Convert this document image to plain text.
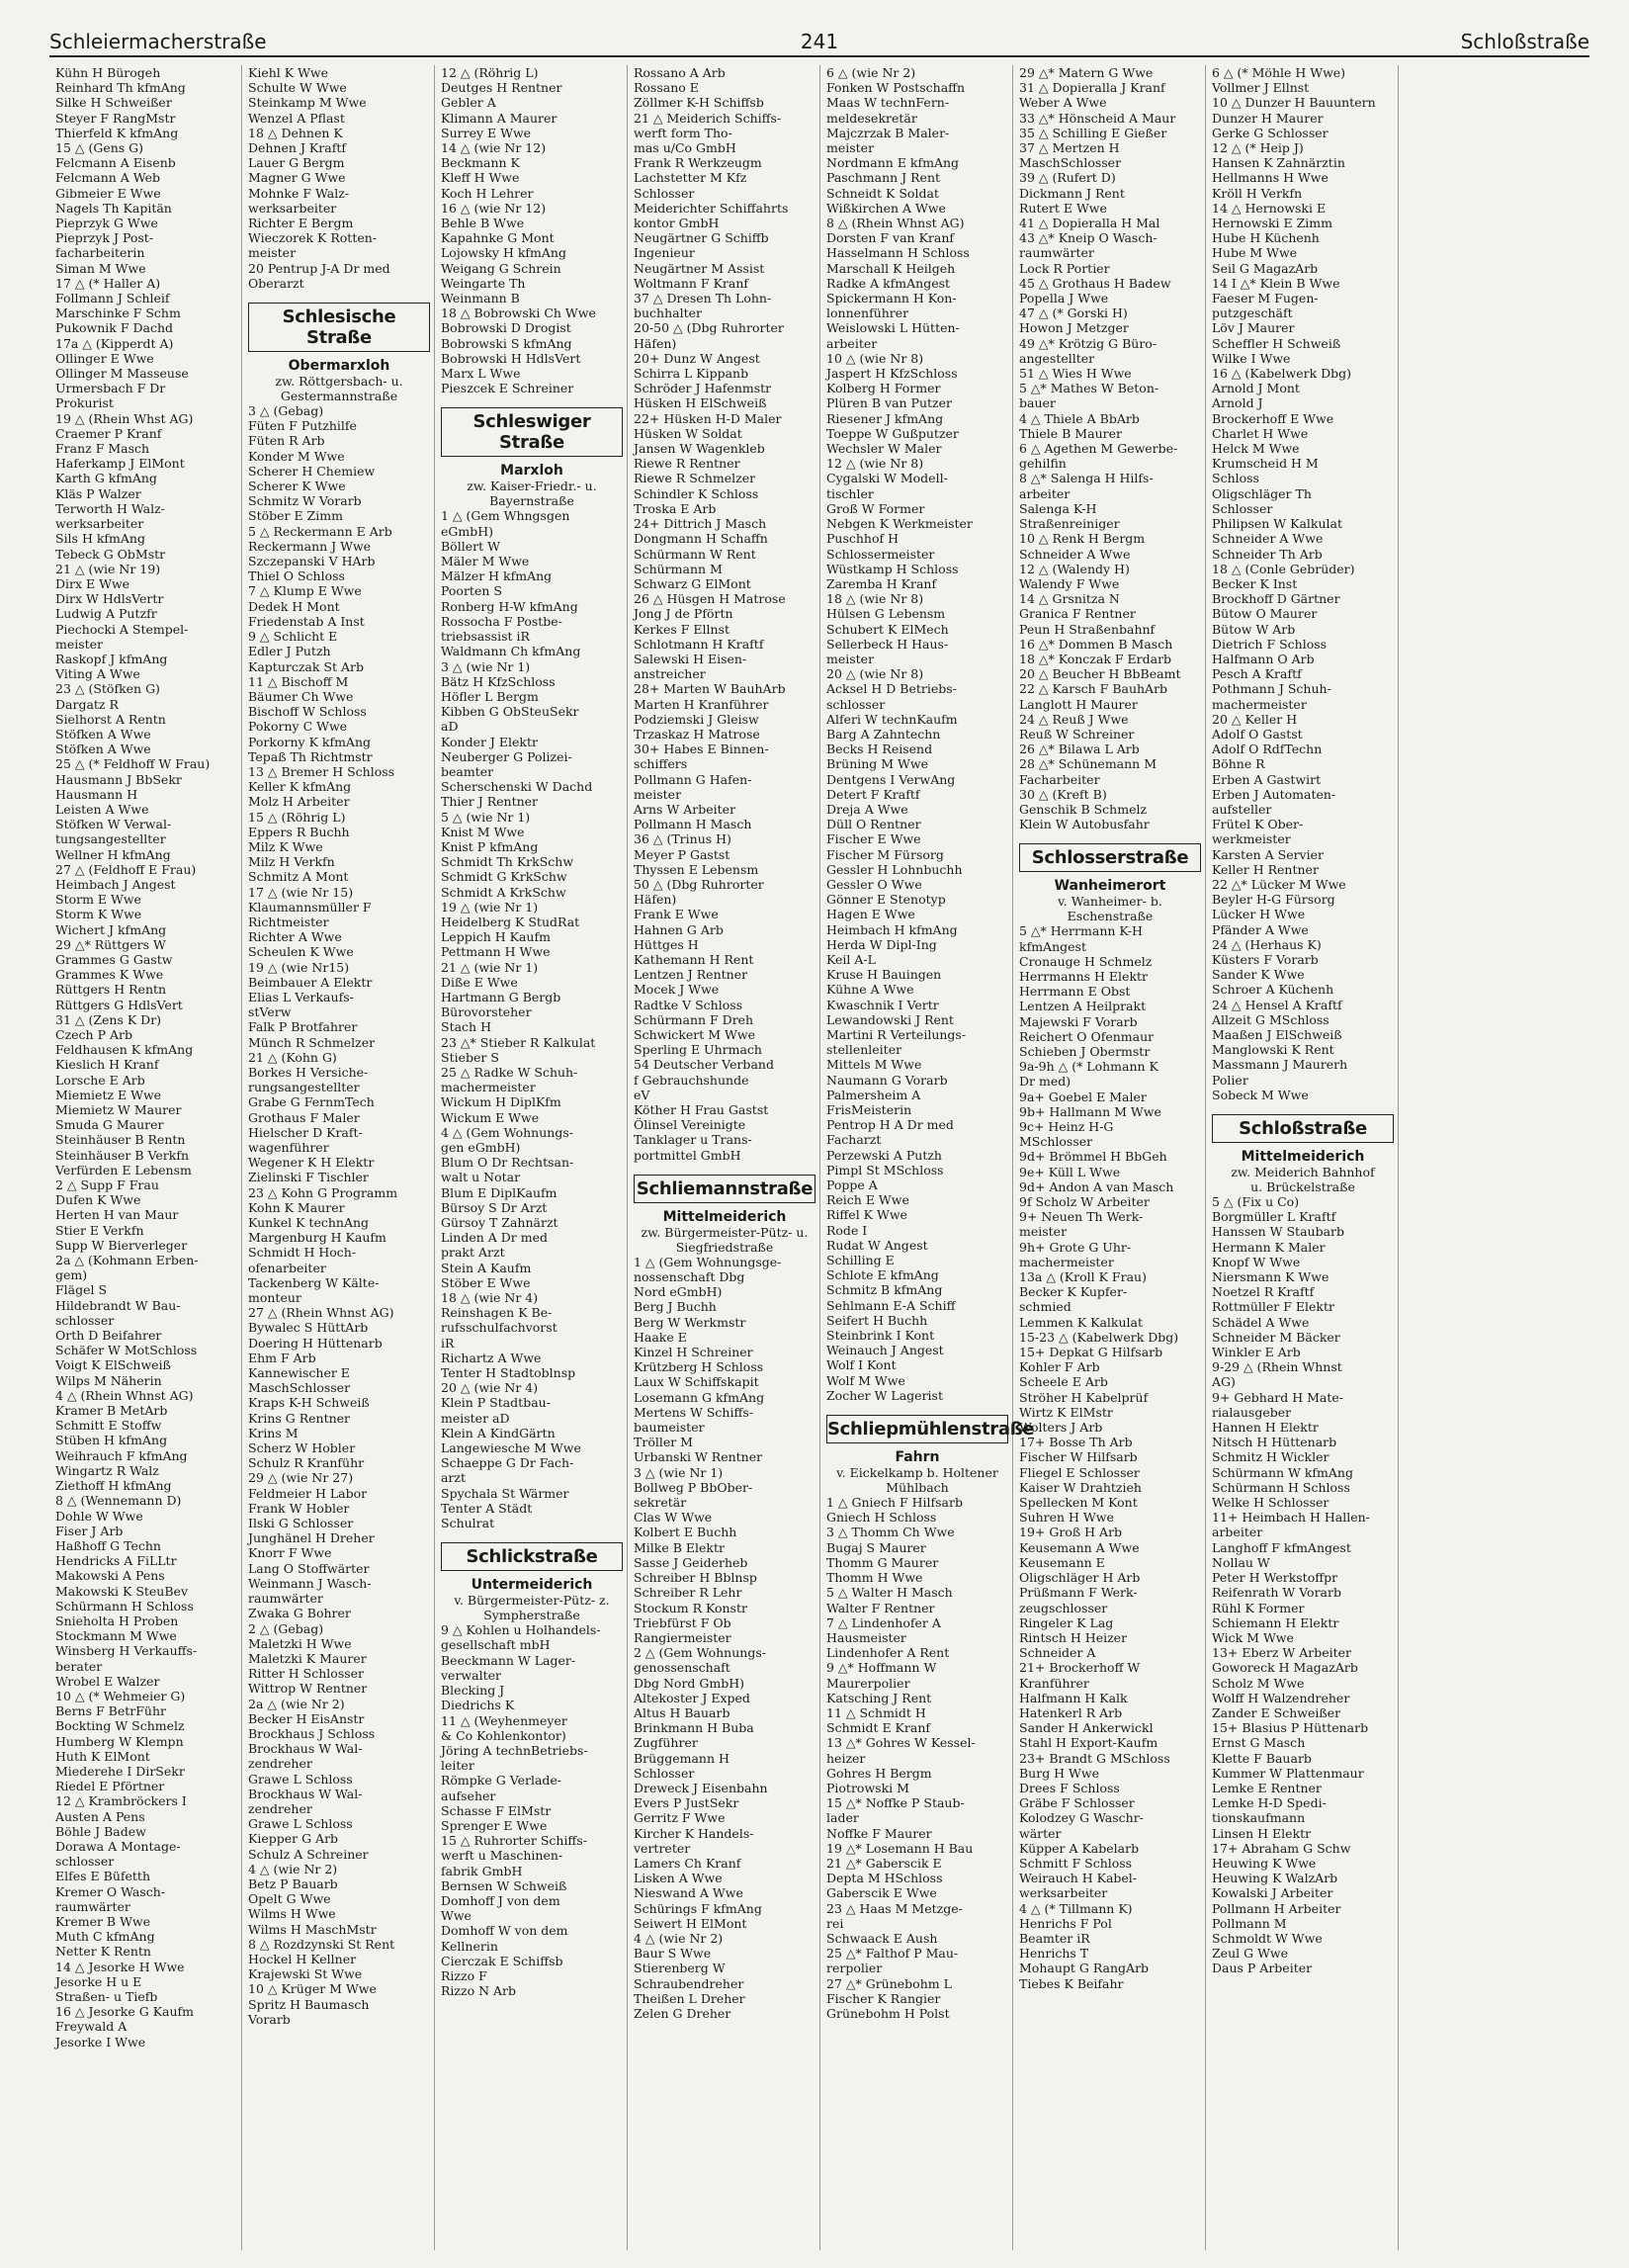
Schleiermacherstraße	241	Schloßstraße
Kühn H Bürogeh
Reinhard Th kfmAng
Silke H Schweißer
Steyer F RangMstr
Thierfeld K kfmAng
15 △ (Gens G)
Felcmann A Eisenb
Felcmann A Web
Gibmeier E Wwe
Nagels Th Kapitän
Pieprzyk G Wwe
Pieprzyk J Post-
facharbeiterin
Siman M Wwe
17 △ (* Haller A)
Follmann J Schleif
Marschinke F Schm
Pukownik F Dachd
17a △ (Kipperdt A)
Ollinger E Wwe
Ollinger M Masseuse
Urmersbach F Dr
Prokurist
19 △ (Rhein Whst AG)
Craemer P Kranf
Franz F Masch
Haferkamp J ElMont
Karth G kfmAng
Kläs P Walzer
Terworth H Walz-
werksarbeiter
Sils H kfmAng
Tebeck G ObMstr
21 △ (wie Nr 19)
Dirx E Wwe
Dirx W HdlsVertr
Ludwig A Putzfr
Piechocki A Stempel-
meister
Raskopf J kfmAng
Viting A Wwe
23 △ (Stöfken G)
Dargatz R
Sielhorst A Rentn
Stöfken A Wwe
Stöfken A Wwe
25 △ (* Feldhoff W Frau)
Hausmann J BbSekr
Hausmann H
Leisten A Wwe
Stöfken W Verwal-
tungsangestellter
Wellner H kfmAng
27 △ (Feldhoff E Frau)
Heimbach J Angest
Storm E Wwe
Storm K Wwe
Wichert J kfmAng
29 △* Rüttgers W
Grammes G Gastw
Grammes K Wwe
Rüttgers H Rentn
Rüttgers G HdlsVert
31 △ (Zens K Dr)
Czech P Arb
Feldhausen K kfmAng
Kieslich H Kranf
Lorsche E Arb
Miemietz E Wwe
Miemietz W Maurer
Smuda G Maurer
Steinhäuser B Rentn
Steinhäuser B Verkfn
Verfürden E Lebensm
2 △ Supp F Frau
Dufen K Wwe
Herten H van Maur
Stier E Verkfn
Supp W Bierverleger
2a △ (Kohmann Erben-
gem)
Flägel S
Hildebrandt W Bau-
schlosser
Orth D Beifahrer
Schäfer W MotSchloss
Voigt K ElSchweiß
Wilps M Näherin
4 △ (Rhein Whnst AG)
Kramer B MetArb
Schmitt E Stoffw
Stüben H kfmAng
Weihrauch F kfmAng
Wingartz R Walz
Ziethoff H kfmAng
8 △ (Wennemann D)
Dohle W Wwe
Fiser J Arb
Haßhoff G Techn
Hendricks A FiLLtr
Makowski A Pens
Makowski K SteuBev
Schürmann H Schloss
Snieholta H Proben
Stockmann M Wwe
Winsberg H Verkauffs-
berater
Wrobel E Walzer
10 △ (* Wehmeier G)
Berns F BetrFühr
Bockting W Schmelz
Humberg W Klempn
Huth K ElMont
Miederehe I DirSekr
Riedel E Pförtner
12 △ Krambröckers I
Austen A Pens
Böhle J Badew
Dorawa A Montage-
schlosser
Elfes E Büfetth
Kremer O Wasch-
raumwärter
Kremer B Wwe
Muth C kfmAng
Netter K Rentn
14 △ Jesorke H Wwe
Jesorke H u E
Straßen- u Tiefb
16 △ Jesorke G Kaufm
Freywald A
Jesorke I Wwe
Kiehl K Wwe
Schulte W Wwe
Steinkamp M Wwe
Wenzel A Pflast
18 △ Dehnen K
Dehnen J Kraftf
Lauer G Bergm
Magner G Wwe
Mohnke F Walz-
werksarbeiter
Richter E Bergm
Wieczorek K Rotten-
meister
20 Pentrup J-A Dr med
Oberarzt
Schlesische Straße
Obermarxloh
zw. Röttgersbach- u.
Gestermannstraße
3 △ (Gebag)
Füten F Putzhilfe
Füten R Arb
Konder M Wwe
Scherer H Chemiew
Scherer K Wwe
Schmitz W Vorarb
Stöber E Zimm
5 △ Reckermann E Arb
Reckermann J Wwe
Szczepanski V HArb
Thiel O Schloss
7 △ Klump E Wwe
Dedek H Mont
Friedenstab A Inst
9 △ Schlicht E
Edler J Putzh
Kapturczak St Arb
11 △ Bischoff M
Bäumer Ch Wwe
Bischoff W Schloss
Pokorny C Wwe
Porkorny K kfmAng
Tepaß Th Richtmstr
13 △ Bremer H Schloss
Keller K kfmAng
Molz H Arbeiter
15 △ (Röhrig L)
Eppers R Buchh
Milz K Wwe
Milz H Verkfn
Schmitz A Mont
17 △ (wie Nr 15)
Klaumannsmüller F
Richtmeister
Richter A Wwe
Scheulen K Wwe
19 △ (wie Nr15)
Beimbauer A Elektr
Elias L Verkaufs-
stVerw
Falk P Brotfahrer
Münch R Schmelzer
21 △ (Kohn G)
Borkes H Versiche-
rungsangestellter
Grabe G FernmTech
Grothaus F Maler
Hielscher D Kraft-
wagenführer
Wegener K H Elektr
Zielinski F Tischler
23 △ Kohn G Programm
Kohn K Maurer
Kunkel K technAng
Margenburg H Kaufm
Schmidt H Hoch-
ofenarbeiter
Tackenberg W Kälte-
monteur
27 △ (Rhein Whnst AG)
Bywalec S HüttArb
Doering H Hüttenarb
Ehm F Arb
Kannewischer E
MaschSchlosser
Kraps K-H Schweiß
Krins G Rentner
Krins M
Scherz W Hobler
Schulz R Kranführ
29 △ (wie Nr 27)
Feldmeier H Labor
Frank W Hobler
Ilski G Schlosser
Junghänel H Dreher
Knorr F Wwe
Lang O Stoffwärter
Weinmann J Wasch-
raumwärter
Zwaka G Bohrer
2 △ (Gebag)
Maletzki H Wwe
Maletzki K Maurer
Ritter H Schlosser
Wittrop W Rentner
2a △ (wie Nr 2)
Becker H EisAnstr
Brockhaus J Schloss
Brockhaus W Wal-
zendreher
Grawe L Schloss
Brockhaus W Wal-
zendreher
Grawe L Schloss
Kiepper G Arb
Schulz A Schreiner
4 △ (wie Nr 2)
Betz P Bauarb
Opelt G Wwe
Wilms H Wwe
Wilms H MaschMstr
8 △ Rozdzynski St Rent
Hockel H Kellner
Krajewski St Wwe
10 △ Krüger M Wwe
Spritz H Baumasch
Vorarb
12 △ (Röhrig L)
Deutges H Rentner
Gebler A
Klimann A Maurer
Surrey E Wwe
14 △ (wie Nr 12)
Beckmann K
Kleff H Wwe
Koch H Lehrer
16 △ (wie Nr 12)
Behle B Wwe
Kapahnke G Mont
Lojowsky H kfmAng
Weigang G Schrein
Weingarte Th
Weinmann B
18 △ Bobrowski Ch Wwe
Bobrowski D Drogist
Bobrowski S kfmAng
Bobrowski H HdlsVert
Marx L Wwe
Pieszcek E Schreiner
Schleswiger Straße
Marxloh
zw. Kaiser-Friedr.- u.
Bayernstraße
1 △ (Gem Whngsgen
eGmbH)
Böllert W
Mäler M Wwe
Mälzer H kfmAng
Poorten S
Ronberg H-W kfmAng
Rossocha F Postbe-
triebsassist iR
Waldmann Ch kfmAng
3 △ (wie Nr 1)
Bätz H KfzSchloss
Höfler L Bergm
Kibben G ObSteuSekr
aD
Konder J Elektr
Neuberger G Polizei-
beamter
Scherschenski W Dachd
Thier J Rentner
5 △ (wie Nr 1)
Knist M Wwe
Knist P kfmAng
Schmidt Th KrkSchw
Schmidt G KrkSchw
Schmidt A KrkSchw
19 △ (wie Nr 1)
Heidelberg K StudRat
Leppich H Kaufm
Pettmann H Wwe
21 △ (wie Nr 1)
Diße E Wwe
Hartmann G Bergb
Bürovorsteher
Stach H
23 △* Stieber R Kalkulat
Stieber S
25 △ Radke W Schuh-
machermeister
Wickum H DiplKfm
Wickum E Wwe
4 △ (Gem Wohnungs-
gen eGmbH)
Blum O Dr Rechtsan-
walt u Notar
Blum E DiplKaufm
Bürsoy S Dr Arzt
Gürsoy T Zahnärzt
Linden A Dr med
prakt Arzt
Stein A Kaufm
Stöber E Wwe
18 △ (wie Nr 4)
Reinshagen K Be-
rufsschulfachvorst
iR
Richartz A Wwe
Tenter H Stadtoblnsp
20 △ (wie Nr 4)
Klein P Stadtbau-
meister aD
Klein A KindGärtn
Langewiesche M Wwe
Schaeppe G Dr Fach-
arzt
Spychala St Wärmer
Tenter A Städt
Schulrat
Schlickstraße
Untermeiderich
v. Bürgermeister-Pütz- z.
Sympherstraße
9 △ Kohlen u Holhandels-
gesellschaft mbH
Beeckmann W Lager-
verwalter
Blecking J
Diedrichs K
11 △ (Weyhenmeyer
& Co Kohlenkontor)
Jöring A technBetriebs-
leiter
Römpke G Verlade-
aufseher
Schasse F ElMstr
Sprenger E Wwe
15 △ Ruhrorter Schiffs-
werft u Maschinen-
fabrik GmbH
Bernsen W Schweiß
Domhoff J von dem
Wwe
Domhoff W von dem
Kellnerin
Cierczak E Schiffsb
Rizzo F
Rizzo N Arb
Rossano A Arb
Rossano E
Zöllmer K-H Schiffsb
21 △ Meiderich Schiffs-
werft form Tho-
mas u/Co GmbH
Frank R Werkzeugm
Lachstetter M Kfz
Schlosser
Meiderichter Schiffahrts
kontor GmbH
Neugärtner G Schiffb
Ingenieur
Neugärtner M Assist
Woltmann F Kranf
37 △ Dresen Th Lohn-
buchhalter
20-50 △ (Dbg Ruhrorter
Häfen)
20+ Dunz W Angest
Schirra L Kippanb
Schröder J Hafenmstr
Hüsken H ElSchweiß
22+ Hüsken H-D Maler
Hüsken W Soldat
Jansen W Wagenkleb
Riewe R Rentner
Riewe R Schmelzer
Schindler K Schloss
Troska E Arb
24+ Dittrich J Masch
Dongmann H Schaffn
Schürmann W Rent
Schürmann M
Schwarz G ElMont
26 △ Hüsgen H Matrose
Jong J de Pförtn
Kerkes F Ellnst
Schlotmann H Kraftf
Salewski H Eisen-
anstreicher
28+ Marten W BauhArb
Marten H Kranführer
Podziemski J Gleisw
Trzaskaz H Matrose
30+ Habes E Binnen-
schiffers
Pollmann G Hafen-
meister
Arns W Arbeiter
Pollmann H Masch
36 △ (Trinus H)
Meyer P Gastst
Thyssen E Lebensm
50 △ (Dbg Ruhrorter
Häfen)
Frank E Wwe
Hahnen G Arb
Hüttges H
Kathemann H Rent
Lentzen J Rentner
Mocek J Wwe
Radtke V Schloss
Schürmann F Dreh
Schwickert M Wwe
Sperling E Uhrmach
54 Deutscher Verband
f Gebrauchshunde
eV
Köther H Frau Gastst
Ölinsel Vereinigte
Tanklager u Trans-
portmittel GmbH
Schliemannstraße
Mittelmeiderich
zw. Bürgermeister-Pütz- u.
Siegfriedstraße
1 △ (Gem Wohnungsge-
nossenschaft Dbg
Nord eGmbH)
Berg J Buchh
Berg W Werkmstr
Haake E
Kinzel H Schreiner
Krützberg H Schloss
Laux W Schiffskapit
Losemann G kfmAng
Mertens W Schiffs-
baumeister
Tröller M
Urbanski W Rentner
3 △ (wie Nr 1)
Bollweg P BbOber-
sekretär
Clas W Wwe
Kolbert E Buchh
Milke B Elektr
Sasse J Geiderheb
Schreiber H Bblnsp
Schreiber R Lehr
Stockum R Konstr
Triebfürst F Ob
Rangiermeister
2 △ (Gem Wohnungs-
genossenschaft
Dbg Nord GmbH)
Altekoster J Exped
Altus H Bauarb
Brinkmann H Buba
Zugführer
Brüggemann H
Schlosser
Dreweck J Eisenbahn
Evers P JustSekr
Gerritz F Wwe
Kircher K Handels-
vertreter
Lamers Ch Kranf
Lisken A Wwe
Nieswand A Wwe
Schürings F kfmAng
Seiwert H ElMont
4 △ (wie Nr 2)
Baur S Wwe
Stierenberg W
Schraubendreher
Theißen L Dreher
Zelen G Dreher
6 △ (wie Nr 2)
Fonken W Postschaffn
Maas W technFern-
meldesekretär
Majczrzak B Maler-
meister
Nordmann E kfmAng
Paschmann J Rent
Schneidt K Soldat
Wißkirchen A Wwe
8 △ (Rhein Whnst AG)
Dorsten F van Kranf
Hasselmann H Schloss
Marschall K Heilgeh
Radke A kfmAngest
Spickermann H Kon-
lonnenführer
Weislowski L Hütten-
arbeiter
10 △ (wie Nr 8)
Jaspert H KfzSchloss
Kolberg H Former
Plüren B van Putzer
Riesener J kfmAng
Toeppe W Gußputzer
Wechsler W Maler
12 △ (wie Nr 8)
Cygalski W Modell-
tischler
Groß W Former
Nebgen K Werkmeister
Puschhof H
Schlossermeister
Wüstkamp H Schloss
Zaremba H Kranf
18 △ (wie Nr 8)
Hülsen G Lebensm
Schubert K ElMech
Sellerbeck H Haus-
meister
20 △ (wie Nr 8)
Acksel H D Betriebs-
schlosser
Alferi W technKaufm
Barg A Zahntechn
Becks H Reisend
Brüning M Wwe
Dentgens I VerwAng
Detert F Kraftf
Dreja A Wwe
Düll O Rentner
Fischer E Wwe
Fischer M Fürsorg
Gessler H Lohnbuchh
Gessler O Wwe
Gönner E Stenotyp
Hagen E Wwe
Heimbach H kfmAng
Herda W Dipl-Ing
Keil A-L
Kruse H Bauingen
Kühne A Wwe
Kwaschnik I Vertr
Lewandowski J Rent
Martini R Verteilungs-
stellenleiter
Mittels M Wwe
Naumann G Vorarb
Palmersheim A
FrisMeisterin
Pentrop H A Dr med
Facharzt
Perzewski A Putzh
Pimpl St MSchloss
Poppe A
Reich E Wwe
Riffel K Wwe
Rode I
Rudat W Angest
Schilling E
Schlote E kfmAng
Schmitz B kfmAng
Sehlmann E-A Schiff
Seifert H Buchh
Steinbrink I Kont
Weinauch J Angest
Wolf I Kont
Wolf M Wwe
Zocher W Lagerist
Schliepmühlenstraße
Fahrn
v. Eickelkamp b. Holtener
Mühlbach
1 △ Gniech F Hilfsarb
Gniech H Schloss
3 △ Thomm Ch Wwe
Bugaj S Maurer
Thomm G Maurer
Thomm H Wwe
5 △ Walter H Masch
Walter F Rentner
7 △ Lindenhofer A
Hausmeister
Lindenhofer A Rent
9 △* Hoffmann W
Maurerpolier
Katsching J Rent
11 △ Schmidt H
Schmidt E Kranf
13 △* Gohres W Kessel-
heizer
Gohres H Bergm
Piotrowski M
15 △* Noffke P Staub-
lader
Noffke F Maurer
19 △* Losemann H Bau
21 △* Gaberscik E
Depta M HSchloss
Gaberscik E Wwe
23 △ Haas M Metzge-
rei
Schwaack E Aush
25 △* Falthof P Mau-
rerpolier
27 △* Grünebohm L
Fischer K Rangier
Grünebohm H Polst
29 △* Matern G Wwe
31 △ Dopieralla J Kranf
Weber A Wwe
33 △* Hönscheid A Maur
35 △ Schilling E Gießer
37 △ Mertzen H
MaschSchlosser
39 △ (Rufert D)
Dickmann J Rent
Rutert E Wwe
41 △ Dopieralla H Mal
43 △* Kneip O Wasch-
raumwärter
Lock R Portier
45 △ Grothaus H Badew
Popella J Wwe
47 △ (* Gorski H)
Howon J Metzger
49 △* Krötzig G Büro-
angestellter
51 △ Wies H Wwe
5 △* Mathes W Beton-
bauer
4 △ Thiele A BbArb
Thiele B Maurer
6 △ Agethen M Gewerbe-
gehilfin
8 △* Salenga H Hilfs-
arbeiter
Salenga K-H
Straßenreiniger
10 △ Renk H Bergm
Schneider A Wwe
12 △ (Walendy H)
Walendy F Wwe
14 △ Grsnitza N
Granica F Rentner
Peun H Straßenbahnf
16 △* Dommen B Masch
18 △* Konczak F Erdarb
20 △ Beucher H BbBeamt
22 △ Karsch F BauhArb
Langlott H Maurer
24 △ Reuß J Wwe
Reuß W Schreiner
26 △* Bilawa L Arb
28 △* Schünemann M
Facharbeiter
30 △ (Kreft B)
Genschik B Schmelz
Klein W Autobusfahr
Schlosserstraße
Wanheimerort
v. Wanheimer- b.
Eschenstraße
5 △* Herrmann K-H
kfmAngest
Cronauge H Schmelz
Herrmanns H Elektr
Herrmann E Obst
Lentzen A Heilprakt
Majewski F Vorarb
Reichert O Ofenmaur
Schieben J Obermstr
9a-9h △ (* Lohmann K
Dr med)
9a+ Goebel E Maler
9b+ Hallmann M Wwe
9c+ Heinz H-G
MSchlosser
9d+ Brömmel H BbGeh
9e+ Küll L Wwe
9d+ Andon A van Masch
9f Scholz W Arbeiter
9+ Neuen Th Werk-
meister
9h+ Grote G Uhr-
machermeister
13a △ (Kroll K Frau)
Becker K Kupfer-
schmied
Lemmen K Kalkulat
15-23 △ (Kabelwerk Dbg)
15+ Depkat G Hilfsarb
Kohler F Arb
Scheele E Arb
Ströher H Kabelprüf
Wirtz K ElMstr
Wolters J Arb
17+ Bosse Th Arb
Fischer W Hilfsarb
Fliegel E Schlosser
Kaiser W Drahtzieh
Spellecken M Kont
Suhren H Wwe
19+ Groß H Arb
Keusemann A Wwe
Keusemann E
Oligschläger H Arb
Prüßmann F Werk-
zeugschlosser
Ringeler K Lag
Rintsch H Heizer
Schneider A
21+ Brockerhoff W
Kranführer
Halfmann H Kalk
Hatenkerl R Arb
Sander H Ankerwickl
Stahl H Export-Kaufm
23+ Brandt G MSchloss
Burg H Wwe
Drees F Schloss
Gräbe F Schlosser
Kolodzey G Waschr-
wärter
Küpper A Kabelarb
Schmitt F Schloss
Weirauch H Kabel-
werksarbeiter
4 △ (* Tillmann K)
Henrichs F Pol
Beamter iR
Henrichs T
Mohaupt G RangArb
Tiebes K Beifahr
6 △ (* Möhle H Wwe)
Vollmer J Ellnst
10 △ Dunzer H Bauuntern
Dunzer H Maurer
Gerke G Schlosser
12 △ (* Heip J)
Hansen K Zahnärztin
Hellmanns H Wwe
Kröll H Verkfn
14 △ Hernowski E
Hernowski E Zimm
Hube H Küchenh
Hube M Wwe
Seil G MagazArb
14 I △* Klein B Wwe
Faeser M Fugen-
putzgeschäft
Löv J Maurer
Scheffler H Schweiß
Wilke I Wwe
16 △ (Kabelwerk Dbg)
Arnold J Mont
Arnold J
Brockerhoff E Wwe
Charlet H Wwe
Helck M Wwe
Krumscheid H M
Schloss
Oligschläger Th
Schlosser
Philipsen W Kalkulat
Schneider A Wwe
Schneider Th Arb
18 △ (Conle Gebrüder)
Becker K Inst
Brockhoff D Gärtner
Bütow O Maurer
Bütow W Arb
Dietrich F Schloss
Halfmann O Arb
Pesch A Kraftf
Pothmann J Schuh-
machermeister
20 △ Keller H
Adolf O Gastst
Adolf O RdfTechn
Böhne R
Erben A Gastwirt
Erben J Automaten-
aufsteller
Frütel K Ober-
werkmeister
Karsten A Servier
Keller H Rentner
22 △* Lücker M Wwe
Beyler H-G Fürsorg
Lücker H Wwe
Pfänder A Wwe
24 △ (Herhaus K)
Küsters F Vorarb
Sander K Wwe
Schroer A Küchenh
24 △ Hensel A Kraftf
Allzeit G MSchloss
Maaßen J ElSchweiß
Manglowski K Rent
Massmann J Maurerh
Polier
Sobeck M Wwe
Schloßstraße
Mittelmeiderich
zw. Meiderich Bahnhof
u. Brückelstraße
5 △ (Fix u Co)
Borgmüller L Kraftf
Hanssen W Staubarb
Hermann K Maler
Knopf W Wwe
Niersmann K Wwe
Noetzel R Kraftf
Rottmüller F Elektr
Schädel A Wwe
Schneider M Bäcker
Winkler E Arb
9-29 △ (Rhein Whnst
AG)
9+ Gebhard H Mate-
rialausgeber
Hannen H Elektr
Nitsch H Hüttenarb
Schmitz H Wickler
Schürmann W kfmAng
Schürmann H Schloss
Welke H Schlosser
11+ Heimbach H Hallen-
arbeiter
Langhoff F kfmAngest
Nollau W
Peter H Werkstoffpr
Reifenrath W Vorarb
Rühl K Former
Schiemann H Elektr
Wick M Wwe
13+ Eberz W Arbeiter
Goworeck H MagazArb
Scholz M Wwe
Wolff H Walzendreher
Zander E Schweißer
15+ Blasius P Hüttenarb
Ernst G Masch
Klette F Bauarb
Kummer W Plattenmaur
Lemke E Rentner
Lemke H-D Spedi-
tionskaufmann
Linsen H Elektr
17+ Abraham G Schw
Heuwing K Wwe
Heuwing K WalzArb
Kowalski J Arbeiter
Pollmann H Arbeiter
Pollmann M
Schmoldt W Wwe
Zeul G Wwe
Daus P Arbeiter
